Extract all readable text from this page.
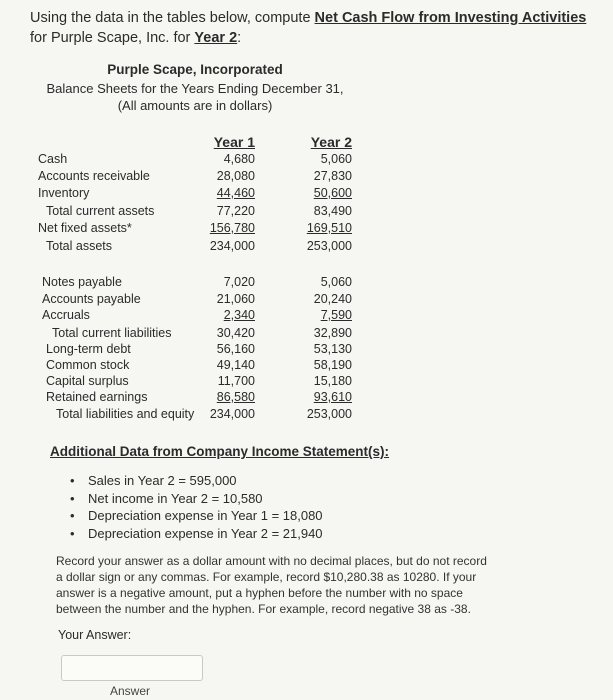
Using the data in the tables below, compute Net Cash Flow from Investing Activities
for Purple Scape, Inc. for Year 2:
Purple Scape, Incorporated
Balance Sheets for the Years Ending December 31,
(All amounts are in dollars)
Year 1	Year 2
Cash	4,680	5,060
Accounts receivable	28,080	27,830
Inventory	44,460	50,600
Total current assets	77,220	83,490
Net fixed assets*	156,780	169,510
Total assets	234,000	253,000
Notes payable	7,020	5,060
Accounts payable	21,060	20,240
Accruals	2,340	7,590
Total current liabilities	30,420	32,890
Long-term debt	56,160	53,130
Common stock	49,140	58,190
Capital surplus	11,700	15,180
Retained earnings	86,580	93,610
Total liabilities and equity	234,000	253,000
Additional Data from Company Income Statement(s):
• Sales in Year 2 = 595,000
• Net income in Year 2 = 10,580
• Depreciation expense in Year 1 = 18,080
• Depreciation expense in Year 2 = 21,940
Record your answer as a dollar amount with no decimal places, but do not record a dollar sign or any commas. For example, record $10,280.38 as 10280. If your answer is a negative amount, put a hyphen before the number with no space between the number and the hyphen. For example, record negative 38 as -38.
Your Answer:
Answer
